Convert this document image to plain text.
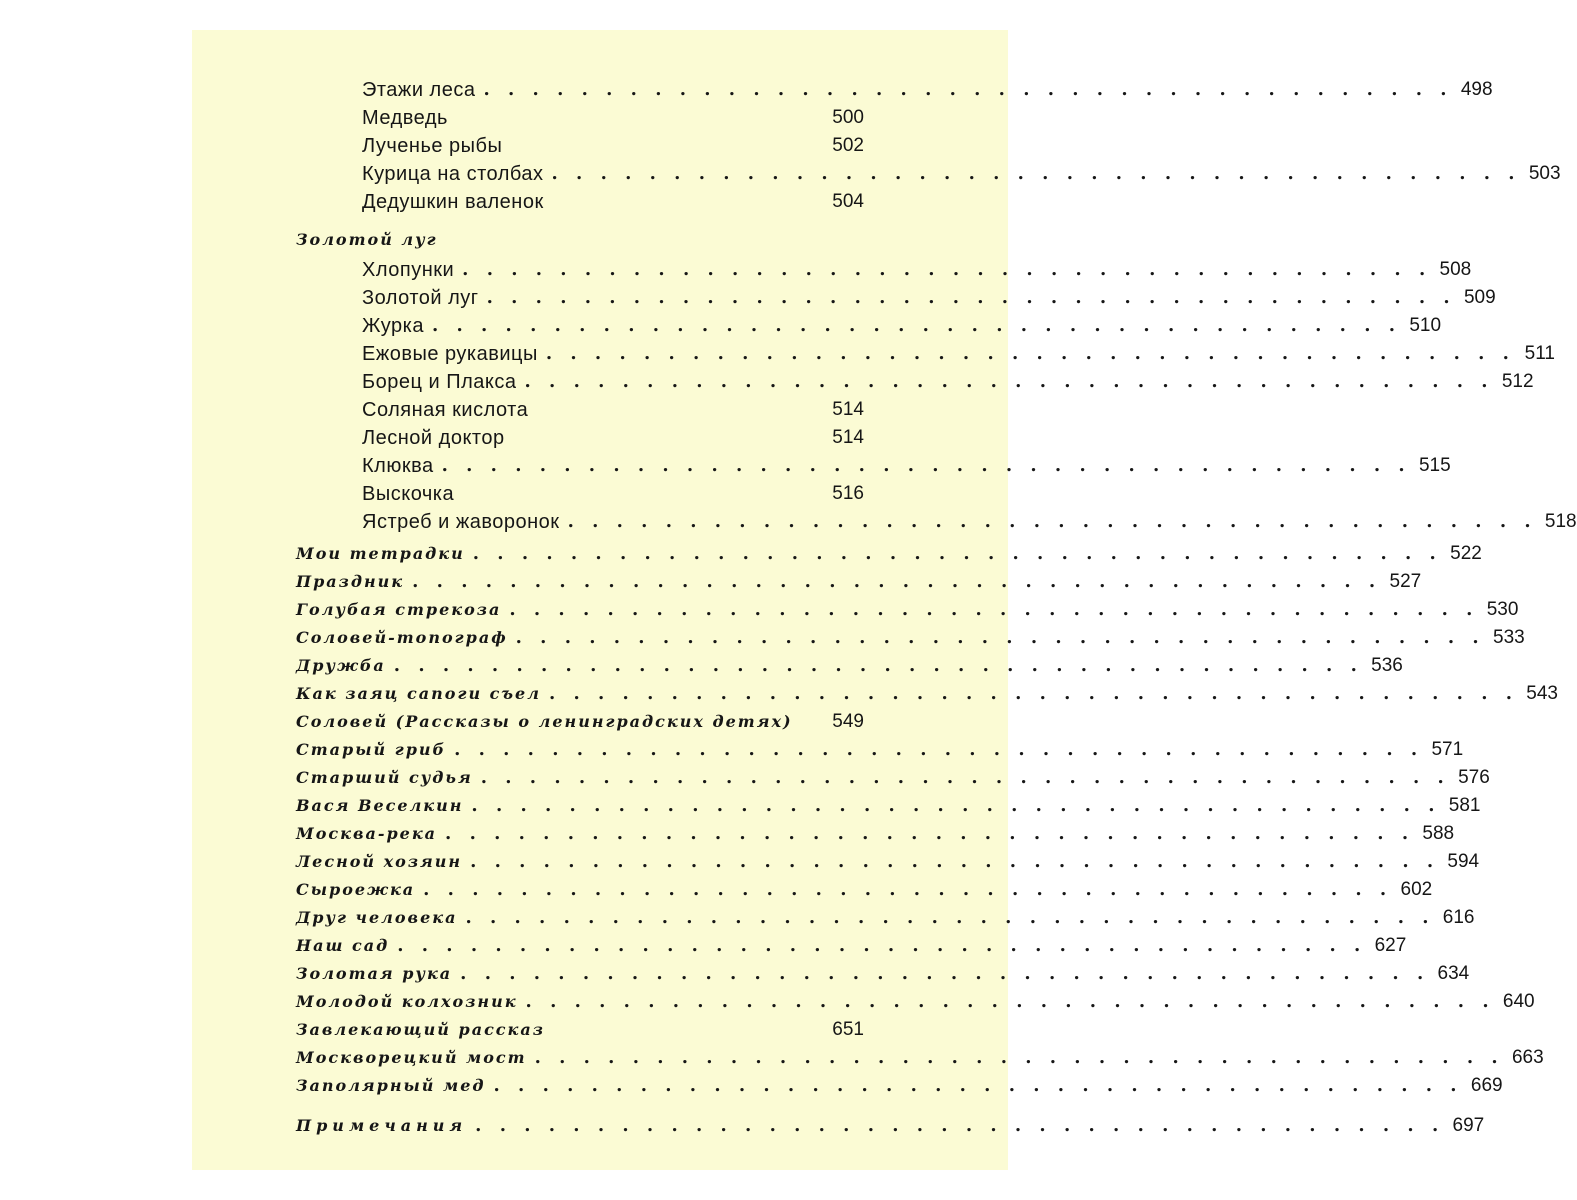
Этажи леса . . . . . . . . . . . . . . . . . . . . . . . . . . . . . . . . . . . . . . . . 498
Медведь	500
Лученье рыбы	502
Курица на столбах . . . . . . . . . . . . . . . . . . . . . . . . . . . . . . . . . . . . . . . . 503
Дедушкин валенок	504
Золотой луг
Хлопунки . . . . . . . . . . . . . . . . . . . . . . . . . . . . . . . . . . . . . . . . 508
Золотой луг . . . . . . . . . . . . . . . . . . . . . . . . . . . . . . . . . . . . . . . . 509
Журка . . . . . . . . . . . . . . . . . . . . . . . . . . . . . . . . . . . . . . . . 510
Ежовые рукавицы . . . . . . . . . . . . . . . . . . . . . . . . . . . . . . . . . . . . . . . . 511
Борец и Плакса . . . . . . . . . . . . . . . . . . . . . . . . . . . . . . . . . . . . . . . . 512
Соляная кислота	514
Лесной доктор	514
Клюква . . . . . . . . . . . . . . . . . . . . . . . . . . . . . . . . . . . . . . . . 515
Выскочка	516
Ястреб и жаворонок . . . . . . . . . . . . . . . . . . . . . . . . . . . . . . . . . . . . . . . . 518
Мои тетрадки . . . . . . . . . . . . . . . . . . . . . . . . . . . . . . . . . . . . . . . . 522
Праздник . . . . . . . . . . . . . . . . . . . . . . . . . . . . . . . . . . . . . . . . 527
Голубая стрекоза . . . . . . . . . . . . . . . . . . . . . . . . . . . . . . . . . . . . . . . . 530
Соловей-топограф . . . . . . . . . . . . . . . . . . . . . . . . . . . . . . . . . . . . . . . . 533
Дружба . . . . . . . . . . . . . . . . . . . . . . . . . . . . . . . . . . . . . . . . 536
Как заяц сапоги съел . . . . . . . . . . . . . . . . . . . . . . . . . . . . . . . . . . . . . . . . 543
Соловей (Рассказы о ленинградских детях)	549
Старый гриб . . . . . . . . . . . . . . . . . . . . . . . . . . . . . . . . . . . . . . . . 571
Старший судья . . . . . . . . . . . . . . . . . . . . . . . . . . . . . . . . . . . . . . . . 576
Вася Веселкин . . . . . . . . . . . . . . . . . . . . . . . . . . . . . . . . . . . . . . . . 581
Москва-река . . . . . . . . . . . . . . . . . . . . . . . . . . . . . . . . . . . . . . . . 588
Лесной хозяин . . . . . . . . . . . . . . . . . . . . . . . . . . . . . . . . . . . . . . . . 594
Сыроежка . . . . . . . . . . . . . . . . . . . . . . . . . . . . . . . . . . . . . . . . 602
Друг человека . . . . . . . . . . . . . . . . . . . . . . . . . . . . . . . . . . . . . . . . 616
Наш сад . . . . . . . . . . . . . . . . . . . . . . . . . . . . . . . . . . . . . . . . 627
Золотая рука . . . . . . . . . . . . . . . . . . . . . . . . . . . . . . . . . . . . . . . . 634
Молодой колхозник . . . . . . . . . . . . . . . . . . . . . . . . . . . . . . . . . . . . . . . . 640
Завлекающий рассказ	651
Москворецкий мост . . . . . . . . . . . . . . . . . . . . . . . . . . . . . . . . . . . . . . . . 663
Заполярный мед . . . . . . . . . . . . . . . . . . . . . . . . . . . . . . . . . . . . . . . . 669
Примечания . . . . . . . . . . . . . . . . . . . . . . . . . . . . . . . . . . . . . . . . 697
